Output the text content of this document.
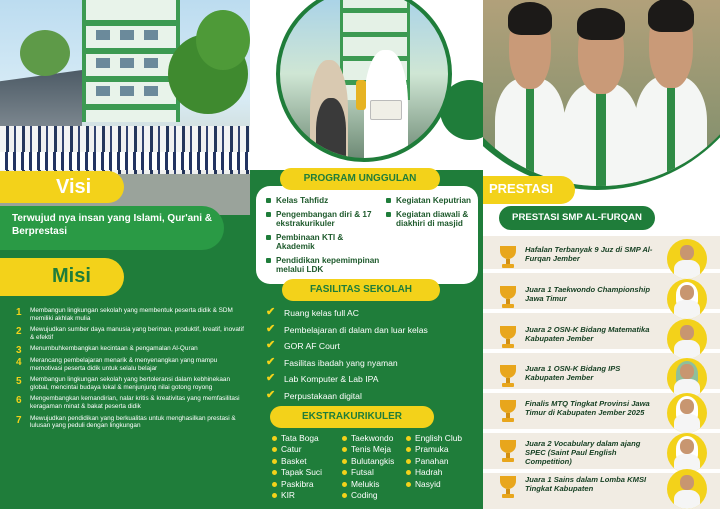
Visi

Terwujud nya insan yang Islami, Qur'ani & Berprestasi

Misi
1 Membangun lingkungan sekolah yang membentuk peserta didik & SDM memiliki akhlak mulia
2 Mewujudkan sumber daya manusia yang beriman, produktif, kreatif, inovatif & efektif
3 Menumbuhkembangkan kecintaan & pengamalan Al-Quran
4 Merancang pembelajaran menarik & menyenangkan yang mampu memotivasi peserta didik untuk selalu belajar
5 Membangun lingkungan sekolah yang bertoleransi dalam kebhinekaan global, mencintai budaya lokal & menjunjung nilai gotong royong
6 Mengembangkan kemandirian, nalar kritis & kreativitas yang memfasilitasi keragaman minat & bakat peserta didik
7 Mewujudkan pendidikan yang berkualitas untuk menghasilkan prestasi & lulusan yang peduli dengan lingkungan
PROGRAM UNGGULAN
Kelas Tahfidz
Pengembangan diri & 17 ekstrakurikuler
Pembinaan KTI & Akademik
Pendidikan kepemimpinan melalui LDK
Kegiatan Keputrian
Kegiatan diawali & diakhiri di masjid
FASILITAS SEKOLAH
✔ Ruang kelas full AC
✔ Pembelajaran di dalam dan luar kelas
✔ GOR AF Court
✔ Fasilitas ibadah yang nyaman
✔ Lab Komputer & Lab IPA
✔ Perpustakaan digital
EKSTRAKURIKULER
Tata Boga
Catur
Basket
Tapak Suci
Paskibra
KIR
Taekwondo
Tenis Meja
Bulutangkis
Futsal
Melukis
Coding
English Club
Pramuka
Panahan
Hadrah
Nasyid
PRESTASI
PRESTASI SMP AL-FURQAN

Hafalan Terbanyak 9 Juz di SMP Al-Furqan Jember

Juara 1 Taekwondo Championship Jawa Timur

Juara 2 OSN-K Bidang Matematika Kabupaten Jember

Juara 1 OSN-K Bidang IPS Kabupaten Jember

Finalis MTQ Tingkat Provinsi Jawa Timur di Kabupaten Jember 2025

Juara 2 Vocabulary dalam ajang SPEC (Saint Paul English Competition)

Juara 1 Sains dalam Lomba KMSI Tingkat Kabupaten
